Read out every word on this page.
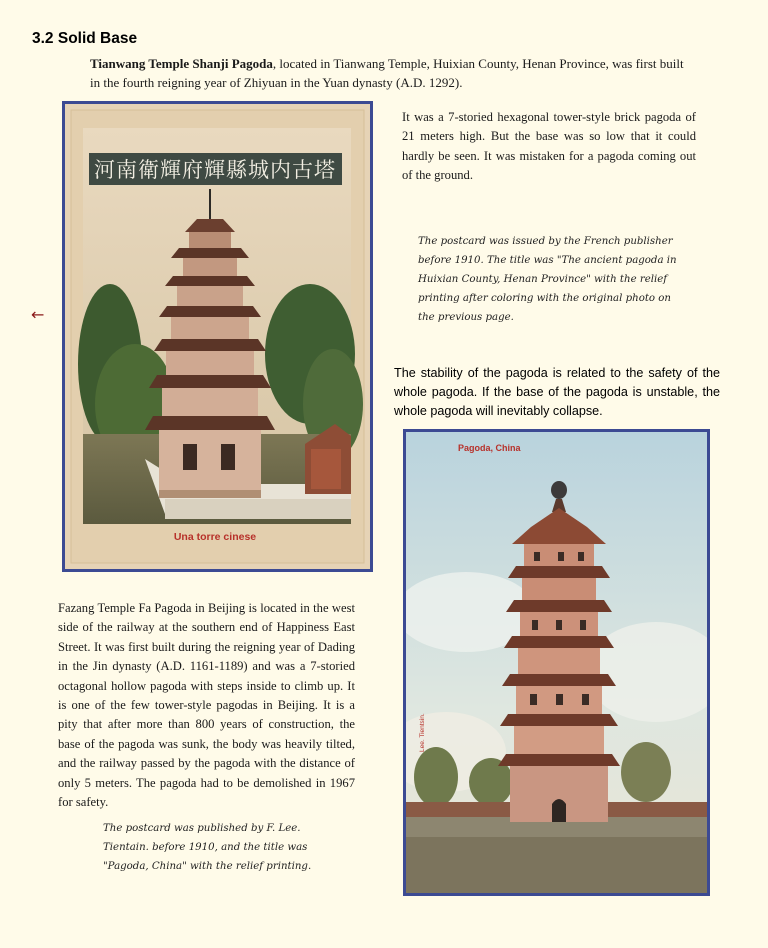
3.2 Solid Base
Tianwang Temple Shanji Pagoda, located in Tianwang Temple, Huixian County, Henan Province, was first built in the fourth reigning year of Zhiyuan in the Yuan dynasty (A.D. 1292).
←
河南衛輝府輝縣城内古塔
Una torre cinese
It was a 7-storied hexagonal tower-style brick pagoda of 21 meters high. But the base was so low that it could hardly be seen. It was mistaken for a pagoda coming out of the ground.
The postcard was issued by the French publisher before 1910. The title was "The ancient pagoda in Huixian County, Henan Province" with the relief printing after coloring with the original photo on the previous page.
The stability of the pagoda is related to the safety of the whole pagoda. If the base of the pagoda is unstable, the whole pagoda will inevitably collapse.
Pagoda, China
Lee. Tientsin.
Fazang Temple Fa Pagoda in Beijing is located in the west side of the railway at the southern end of Happiness East Street. It was first built during the reigning year of Dading in the Jin dynasty (A.D. 1161-1189) and was a 7-storied octagonal hollow pagoda with steps inside to climb up. It is one of the few tower-style pagodas in Beijing. It is a pity that after more than 800 years of construction, the base of the pagoda was sunk, the body was heavily tilted, and the railway passed by the pagoda with the distance of only 5 meters. The pagoda had to be demolished in 1967 for safety.
The postcard was published by F. Lee. Tientain. before 1910, and the title was "Pagoda, China" with the relief printing.
